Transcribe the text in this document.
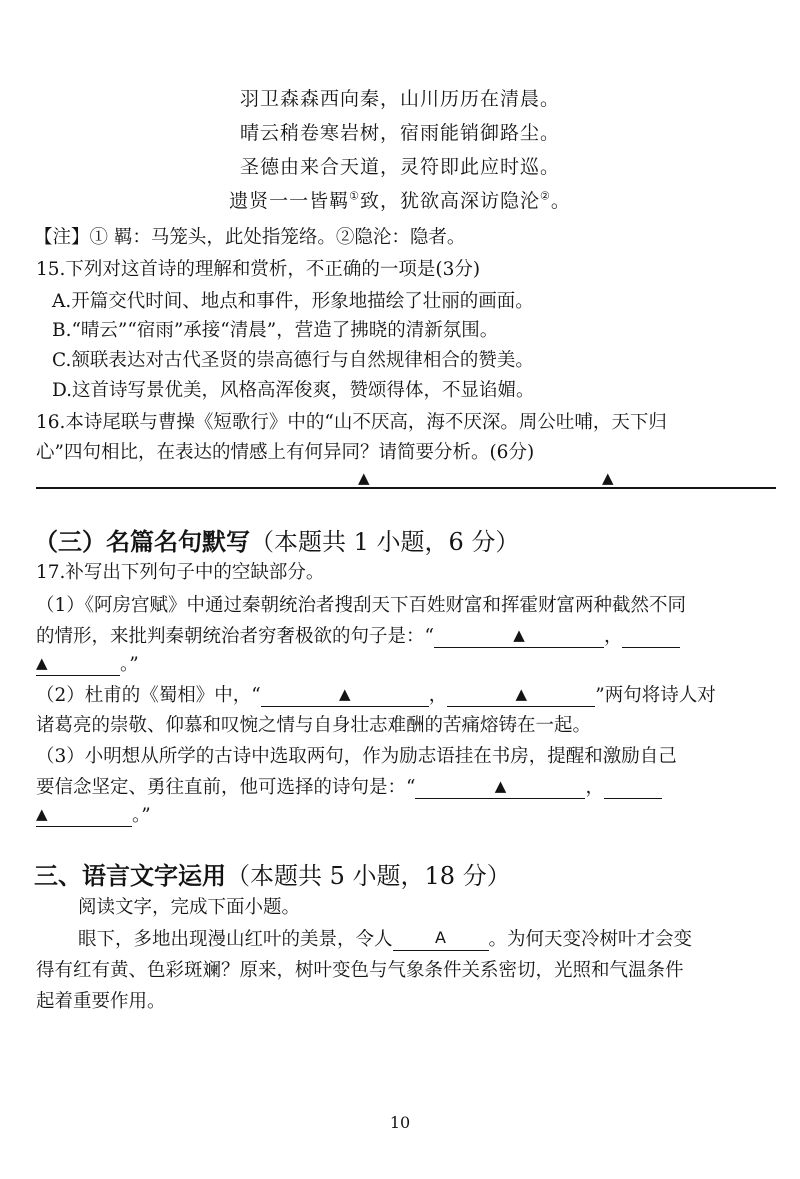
羽卫森森西向秦，山川历历在清晨。
晴云稍卷寒岩树，宿雨能销御路尘。
圣德由来合天道，灵符即此应时巡。
遗贤一一皆羁①致，犹欲高深访隐沦②。
【注】① 羁：马笼头，此处指笼络。②隐沦：隐者。
15.下列对这首诗的理解和赏析，不正确的一项是(3分)
A.开篇交代时间、地点和事件，形象地描绘了壮丽的画面。
B.“晴云”“宿雨”承接“清晨”，营造了拂晓的清新氛围。
C.颔联表达对古代圣贤的崇高德行与自然规律相合的赞美。
D.这首诗写景优美，风格高浑俊爽，赞颂得体，不显谄媚。
16.本诗尾联与曹操《短歌行》中的“山不厌高，海不厌深。周公吐哺，天下归
心”四句相比，在表达的情感上有何异同？请简要分析。(6分)
▲	▲
（三）名篇名句默写（本题共 1 小题，6 分）
17.补写出下列句子中的空缺部分。
（1）《阿房宫赋》中通过秦朝统治者搜刮天下百姓财富和挥霍财富两种截然不同
的情形，来批判秦朝统治者穷奢极欲的句子是：“	▲	，
▲	。”
（2）杜甫的《蜀相》中，“	▲	，	▲	”两句将诗人对
诸葛亮的崇敬、仰慕和叹惋之情与自身壮志难酬的苦痛熔铸在一起。
（3）小明想从所学的古诗中选取两句，作为励志语挂在书房，提醒和激励自己
要信念坚定、勇往直前，他可选择的诗句是：“	▲	，
▲	。”
三、语言文字运用（本题共 5 小题，18 分）
阅读文字，完成下面小题。
眼下，多地出现漫山红叶的美景，令人	A 。为何天变冷树叶才会变
得有红有黄、色彩斑斓？原来，树叶变色与气象条件关系密切，光照和气温条件
起着重要作用。
10
